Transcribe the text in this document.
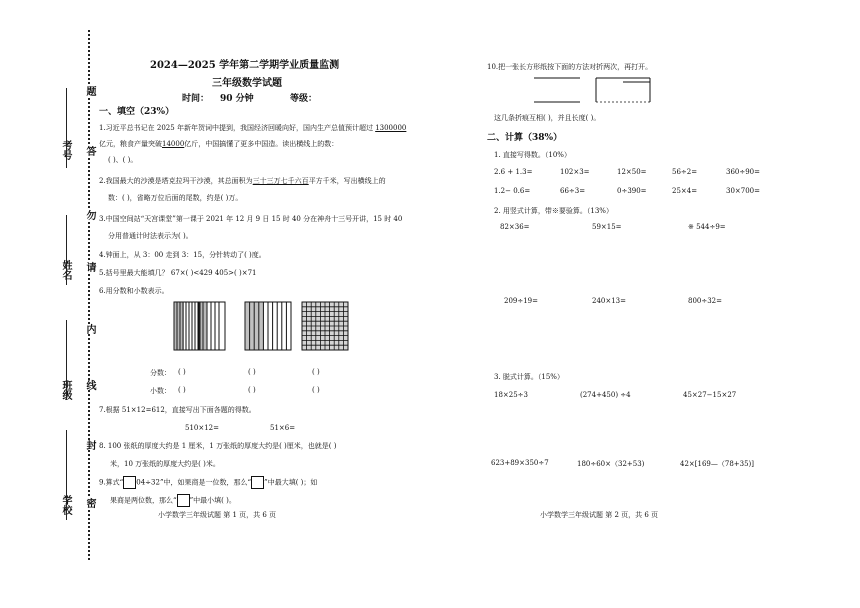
考号
姓名
班级
学校
题
答
勿
请
内
线
封
密
2024—2025 学年第二学期学业质量监测
三年级数学试题
时间： 90 分钟	等级：
一、填空（23%）
1.习近平总书记在 2025 年新年贺词中提到，我国经济回暖向好，国内生产总值预计超过 1300000
亿元，粮食产量突破14000亿斤，中国搞懂了更多中国造。读出横线上的数：
( )、( )。
2.我国最大的沙漠是塔克拉玛干沙漠，其总面积为三十三万七千六百平方千米，写出横线上的
数：( )，省略万位后面的尾数，约是( )万。
3.中国空间站“天宫课堂”第一课于 2021 年 12 月 9 日 15 时 40 分在神舟十三号开讲，15 时 40
分用普通计时法表示为( )。
4.钟面上，从 3：00 走到 3：15，分针转动了( )度。
5.括号里最大能填几？ 67×( )<429 405>( )×71
6.用分数和小数表示。
分数： ( )	( )	( )
小数： ( )	( )	( )
7.根据 51×12=612，直接写出下面各题的得数。
510×12=	51×6=
8. 100 张纸的厚度大约是 1 厘米，1 万张纸的厚度大约是( )厘米，也就是( )
米，10 万张纸的厚度大约是( )米。
9.算式“ 04÷32”中，如果商是一位数，那么“ ”中最大填( )；如
果商是两位数，那么“ ”中最小填( )。
小学数学三年级试题 第 1 页，共 6 页
10.把一张长方形纸按下面的方法对折两次，再打开。
这几条折痕互相( )，并且长度( )。
二、计算（38%）
1. 直接写得数。（10%）
2.6 + 1.3=	102×3=	12×50=	56÷2=	360÷90=
1.2− 0.6=	66÷3=	0÷390=	25×4=	30×700=
2. 用竖式计算，带※要验算。（13%）
82×36=	59×15=	※ 544÷9=
209÷19=	240×13=	800÷32=
3. 脱式计算。（15%）
18×25÷3	(274+450) ÷4	45×27−15×27
623+89×350÷7	180÷60×（32+53)	42×[169—（78+35)]
小学数学三年级试题 第 2 页，共 6 页
